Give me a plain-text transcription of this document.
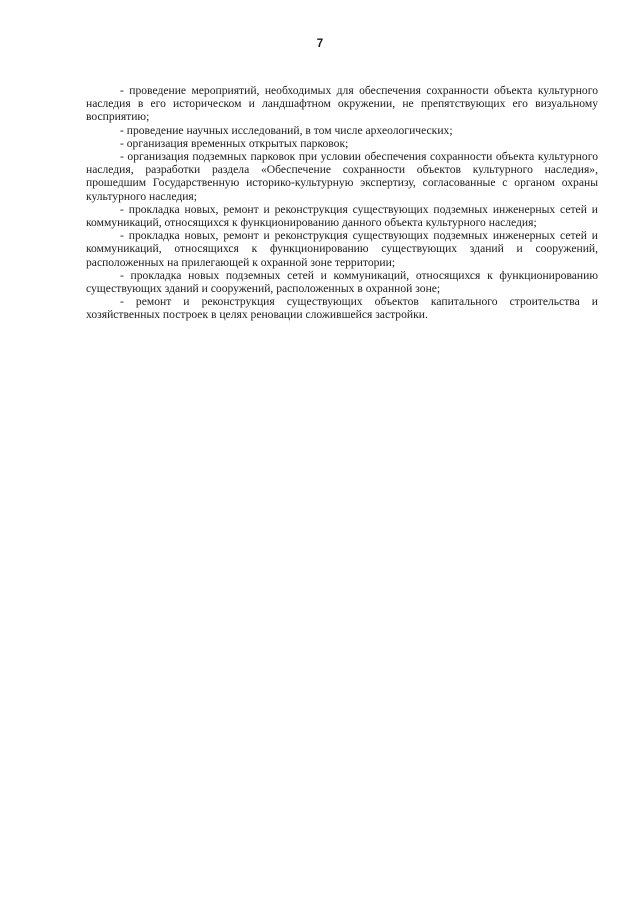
7

- проведение мероприятий, необходимых для обеспечения сохранности объекта культурного наследия в его историческом и ландшафтном окружении, не препятствующих его визуальному восприятию;

- проведение научных исследований, в том числе археологических;

- организация временных открытых парковок;

- организация подземных парковок при условии обеспечения сохранности объекта культурного наследия, разработки раздела «Обеспечение сохранности объектов культурного наследия», прошедшим Государственную историко-культурную экспертизу, согласованные с органом охраны культурного наследия;

- прокладка новых, ремонт и реконструкция существующих подземных инженерных сетей и коммуникаций, относящихся к функционированию данного объекта культурного наследия;

- прокладка новых, ремонт и реконструкция существующих подземных инженерных сетей и коммуникаций, относящихся к функционированию существующих зданий и сооружений, расположенных на прилегающей к охранной зоне территории;

- прокладка новых подземных сетей и коммуникаций, относящихся к функционированию существующих зданий и сооружений, расположенных в охранной зоне;

- ремонт и реконструкция существующих объектов капитального строительства и хозяйственных построек в целях реновации сложившейся застройки.
